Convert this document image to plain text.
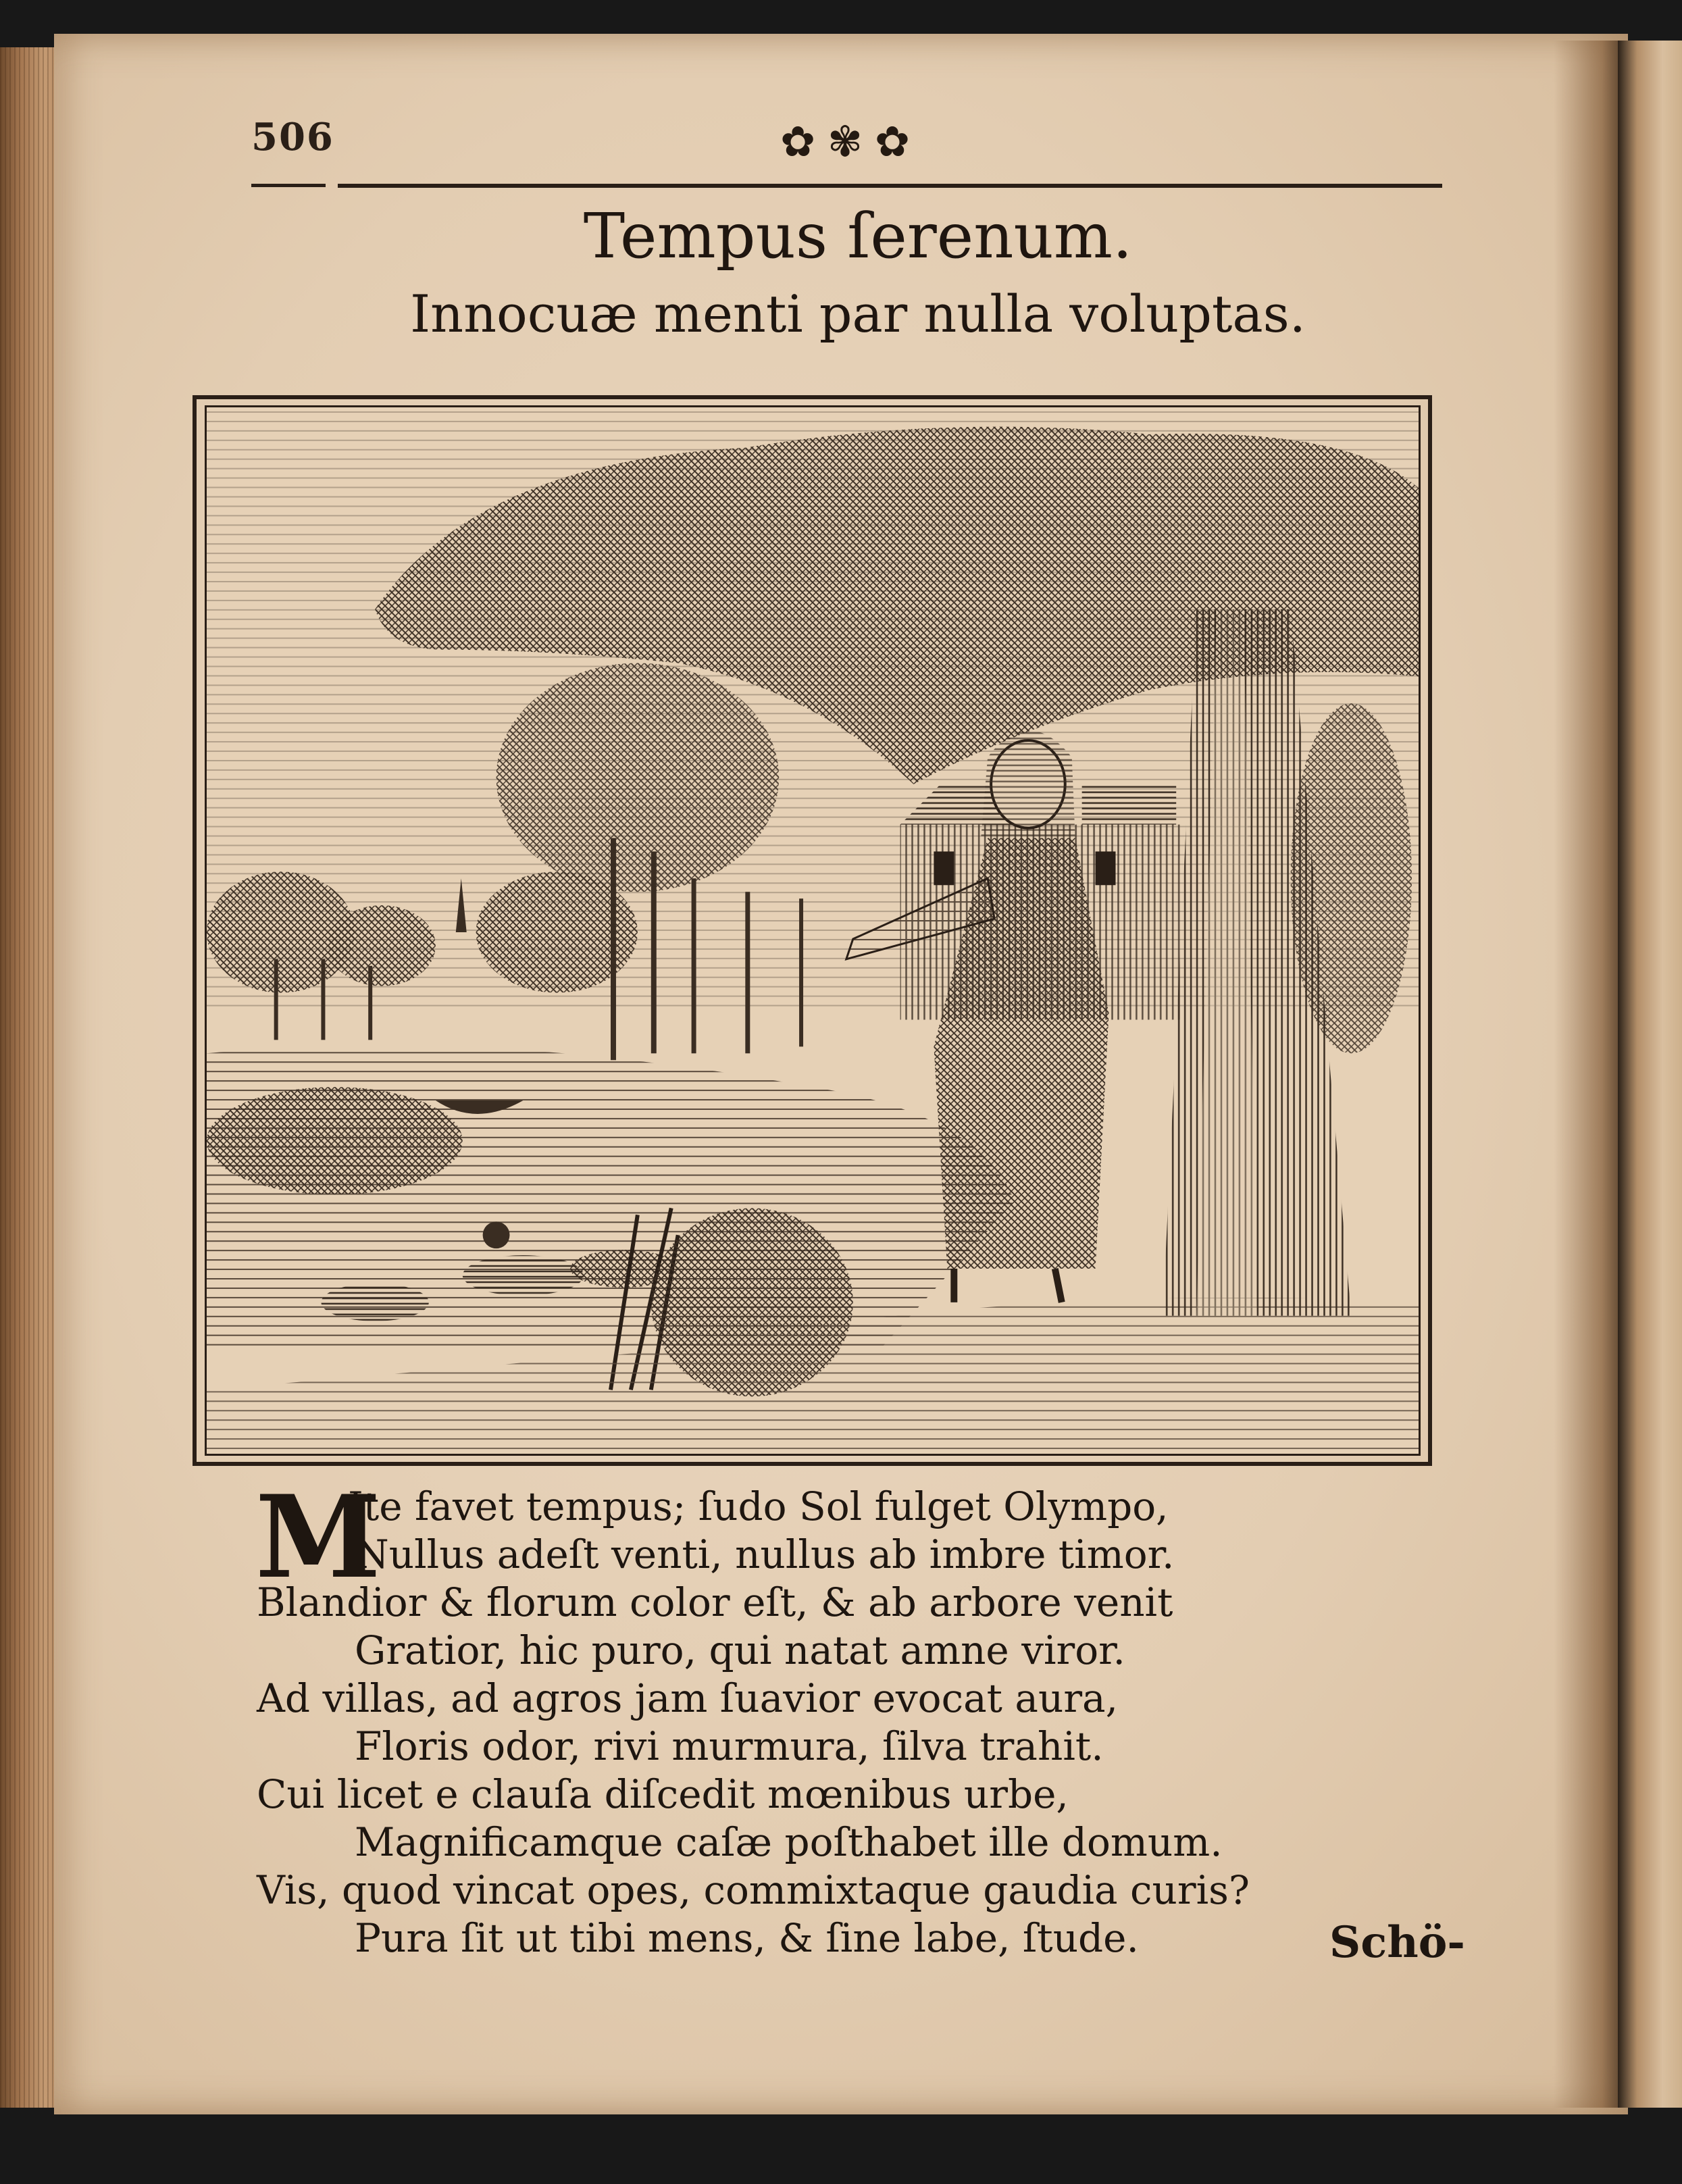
506	✿✾✿
Tempus ſerenum.
Innocuæ menti par nulla voluptas.
M
Ite favet tempus; ſudo Sol fulget Olympo,
Nullus adeſt venti, nullus ab imbre timor.
Blandior & florum color eſt, & ab arbore venit
Gratior, hic puro, qui natat amne viror.
Ad villas, ad agros jam ſuavior evocat aura,
Floris odor, rivi murmura, ſilva trahit.
Cui licet e clauſa diſcedit mœnibus urbe,
Magnificamque caſæ poſthabet ille domum.
Vis, quod vincat opes, commixtaque gaudia curis?
Pura ſit ut tibi mens, & ſine labe, ſtude.	Schö-
